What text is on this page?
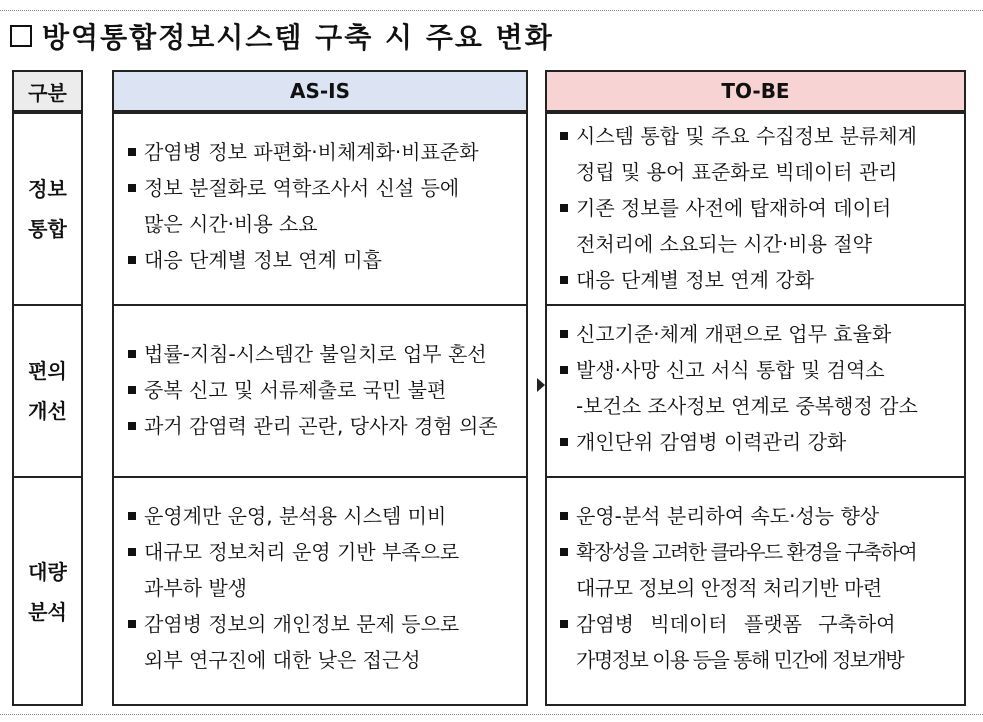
방역통합정보시스템 구축 시 주요 변화
구분	AS-IS	TO-BE
정보
통합
편의
개선
대량
분석
감염병 정보 파편화·비체계화·비표준화
정보 분절화로 역학조사서 신설 등에
많은 시간·비용 소요
대응 단계별 정보 연계 미흡
시스템 통합 및 주요 수집정보 분류체계
정립 및 용어 표준화로 빅데이터 관리
기존 정보를 사전에 탑재하여 데이터
전처리에 소요되는 시간·비용 절약
대응 단계별 정보 연계 강화
법률-지침-시스템간 불일치로 업무 혼선
중복 신고 및 서류제출로 국민 불편
과거 감염력 관리 곤란, 당사자 경험 의존
신고기준·체계 개편으로 업무 효율화
발생·사망 신고 서식 통합 및 검역소
-보건소 조사정보 연계로 중복행정 감소
개인단위 감염병 이력관리 강화
운영계만 운영, 분석용 시스템 미비
대규모 정보처리 운영 기반 부족으로
과부하 발생
감염병 정보의 개인정보 문제 등으로
외부 연구진에 대한 낮은 접근성
운영-분석 분리하여 속도·성능 향상
확장성을 고려한 클라우드 환경을 구축하여
대규모 정보의 안정적 처리기반 마련
감염병 빅데이터 플랫폼 구축하여
가명정보 이용 등을 통해 민간에 정보개방
